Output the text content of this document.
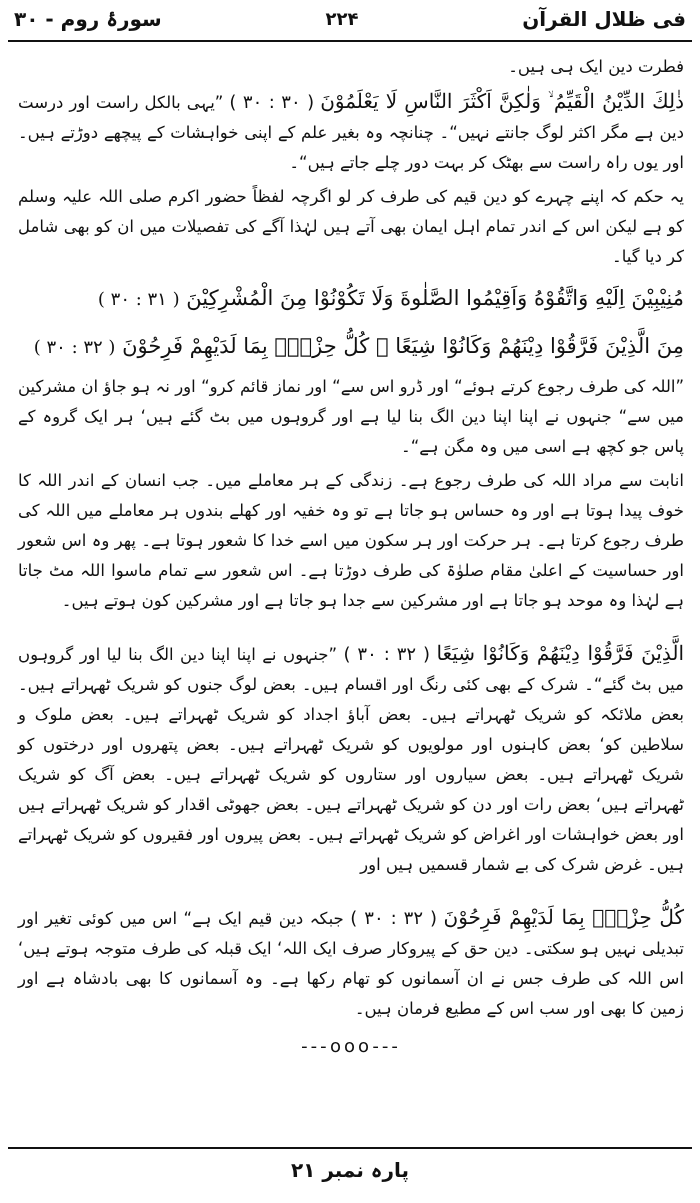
فی ظلال القرآن
۲۲۴
سورۂ روم - ۳۰

فطرت دین ایک ہی ہیں۔

ذٰلِكَ الدِّيْنُ الْقَيِّمُ ۙ وَلٰكِنَّ اَكْثَرَ النَّاسِ لَا يَعْلَمُوْنَ ( ۳۰ : ۳۰ ) ”یہی بالکل راست اور درست دین ہے مگر اکثر لوگ جانتے نہیں“۔ چنانچہ وہ بغیر علم کے اپنی خواہشات کے پیچھے دوڑتے ہیں۔ اور یوں راہ راست سے بھٹک کر بہت دور چلے جاتے ہیں“۔

یہ حکم کہ اپنے چہرے کو دین قیم کی طرف کر لو اگرچہ لفظاً حضور اکرم صلی اللہ علیہ وسلم کو ہے لیکن اس کے اندر تمام اہل ایمان بھی آتے ہیں لہٰذا آگے کی تفصیلات میں ان کو بھی شامل کر دیا گیا۔

مُنِيْبِيْنَ اِلَيْهِ وَاتَّقُوْهُ وَاَقِيْمُوا الصَّلٰوةَ وَلَا تَكُوْنُوْا مِنَ الْمُشْرِكِيْنَ ( ۳۰ : ۳۱ )
مِنَ الَّذِيْنَ فَرَّقُوْا دِيْنَهُمْ وَكَانُوْا شِيَعًا ۭ كُلُّ حِزْبٍۢ بِمَا لَدَيْهِمْ فَرِحُوْنَ ( ۳۰ : ۳۲ )

”اللہ کی طرف رجوع کرتے ہوئے“ اور ڈرو اس سے“ اور نماز قائم کرو“ اور نہ ہو جاؤ ان مشرکین میں سے“ جنہوں نے اپنا اپنا دین الگ بنا لیا ہے اور گروہوں میں بٹ گئے ہیں‘ ہر ایک گروہ کے پاس جو کچھ ہے اسی میں وہ مگن ہے“۔

انابت سے مراد اللہ کی طرف رجوع ہے۔ زندگی کے ہر معاملے میں۔ جب انسان کے اندر اللہ کا خوف پیدا ہوتا ہے اور وہ حساس ہو جاتا ہے تو وہ خفیہ اور کھلے بندوں ہر معاملے میں اللہ کی طرف رجوع کرتا ہے۔ ہر حرکت اور ہر سکون میں اسے خدا کا شعور ہوتا ہے۔ پھر وہ اس شعور اور حساسیت کے اعلیٰ مقام صلوٰۃ کی طرف دوڑتا ہے۔ اس شعور سے تمام ماسوا اللہ مٹ جاتا ہے لہٰذا وہ موحد ہو جاتا ہے اور مشرکین سے جدا ہو جاتا ہے اور مشرکین کون ہوتے ہیں۔

الَّذِيْنَ فَرَّقُوْا دِيْنَهُمْ وَكَانُوْا شِيَعًا ( ۳۰ : ۳۲ ) ”جنہوں نے اپنا اپنا دین الگ بنا لیا اور گروہوں میں بٹ گئے“۔ شرک کے بھی کئی رنگ اور اقسام ہیں۔ بعض لوگ جنوں کو شریک ٹھہراتے ہیں۔ بعض ملائکہ کو شریک ٹھہراتے ہیں۔ بعض آباؤ اجداد کو شریک ٹھہراتے ہیں۔ بعض ملوک و سلاطین کو‘ بعض کاہنوں اور مولویوں کو شریک ٹھہراتے ہیں۔ بعض پتھروں اور درختوں کو شریک ٹھہراتے ہیں۔ بعض سیاروں اور ستاروں کو شریک ٹھہراتے ہیں۔ بعض آگ کو شریک ٹھہراتے ہیں‘ بعض رات اور دن کو شریک ٹھہراتے ہیں۔ بعض جھوٹی اقدار کو شریک ٹھہراتے ہیں اور بعض خواہشات اور اغراض کو شریک ٹھہراتے ہیں۔ بعض پیروں اور فقیروں کو شریک ٹھہراتے ہیں۔ غرض شرک کی بے شمار قسمیں ہیں اور

كُلُّ حِزْبٍۢ بِمَا لَدَيْهِمْ فَرِحُوْنَ ( ۳۰ : ۳۲ ) جبکہ دین قیم ایک ہے“ اس میں کوئی تغیر اور تبدیلی نہیں ہو سکتی۔ دین حق کے پیروکار صرف ایک اللہ‘ ایک قبلہ کی طرف متوجہ ہوتے ہیں‘ اس اللہ کی طرف جس نے ان آسمانوں کو تھام رکھا ہے۔ وہ آسمانوں کا بھی بادشاہ ہے اور زمین کا بھی اور سب اس کے مطیع فرمان ہیں۔

---ooo---
پارہ نمبر ۲۱
